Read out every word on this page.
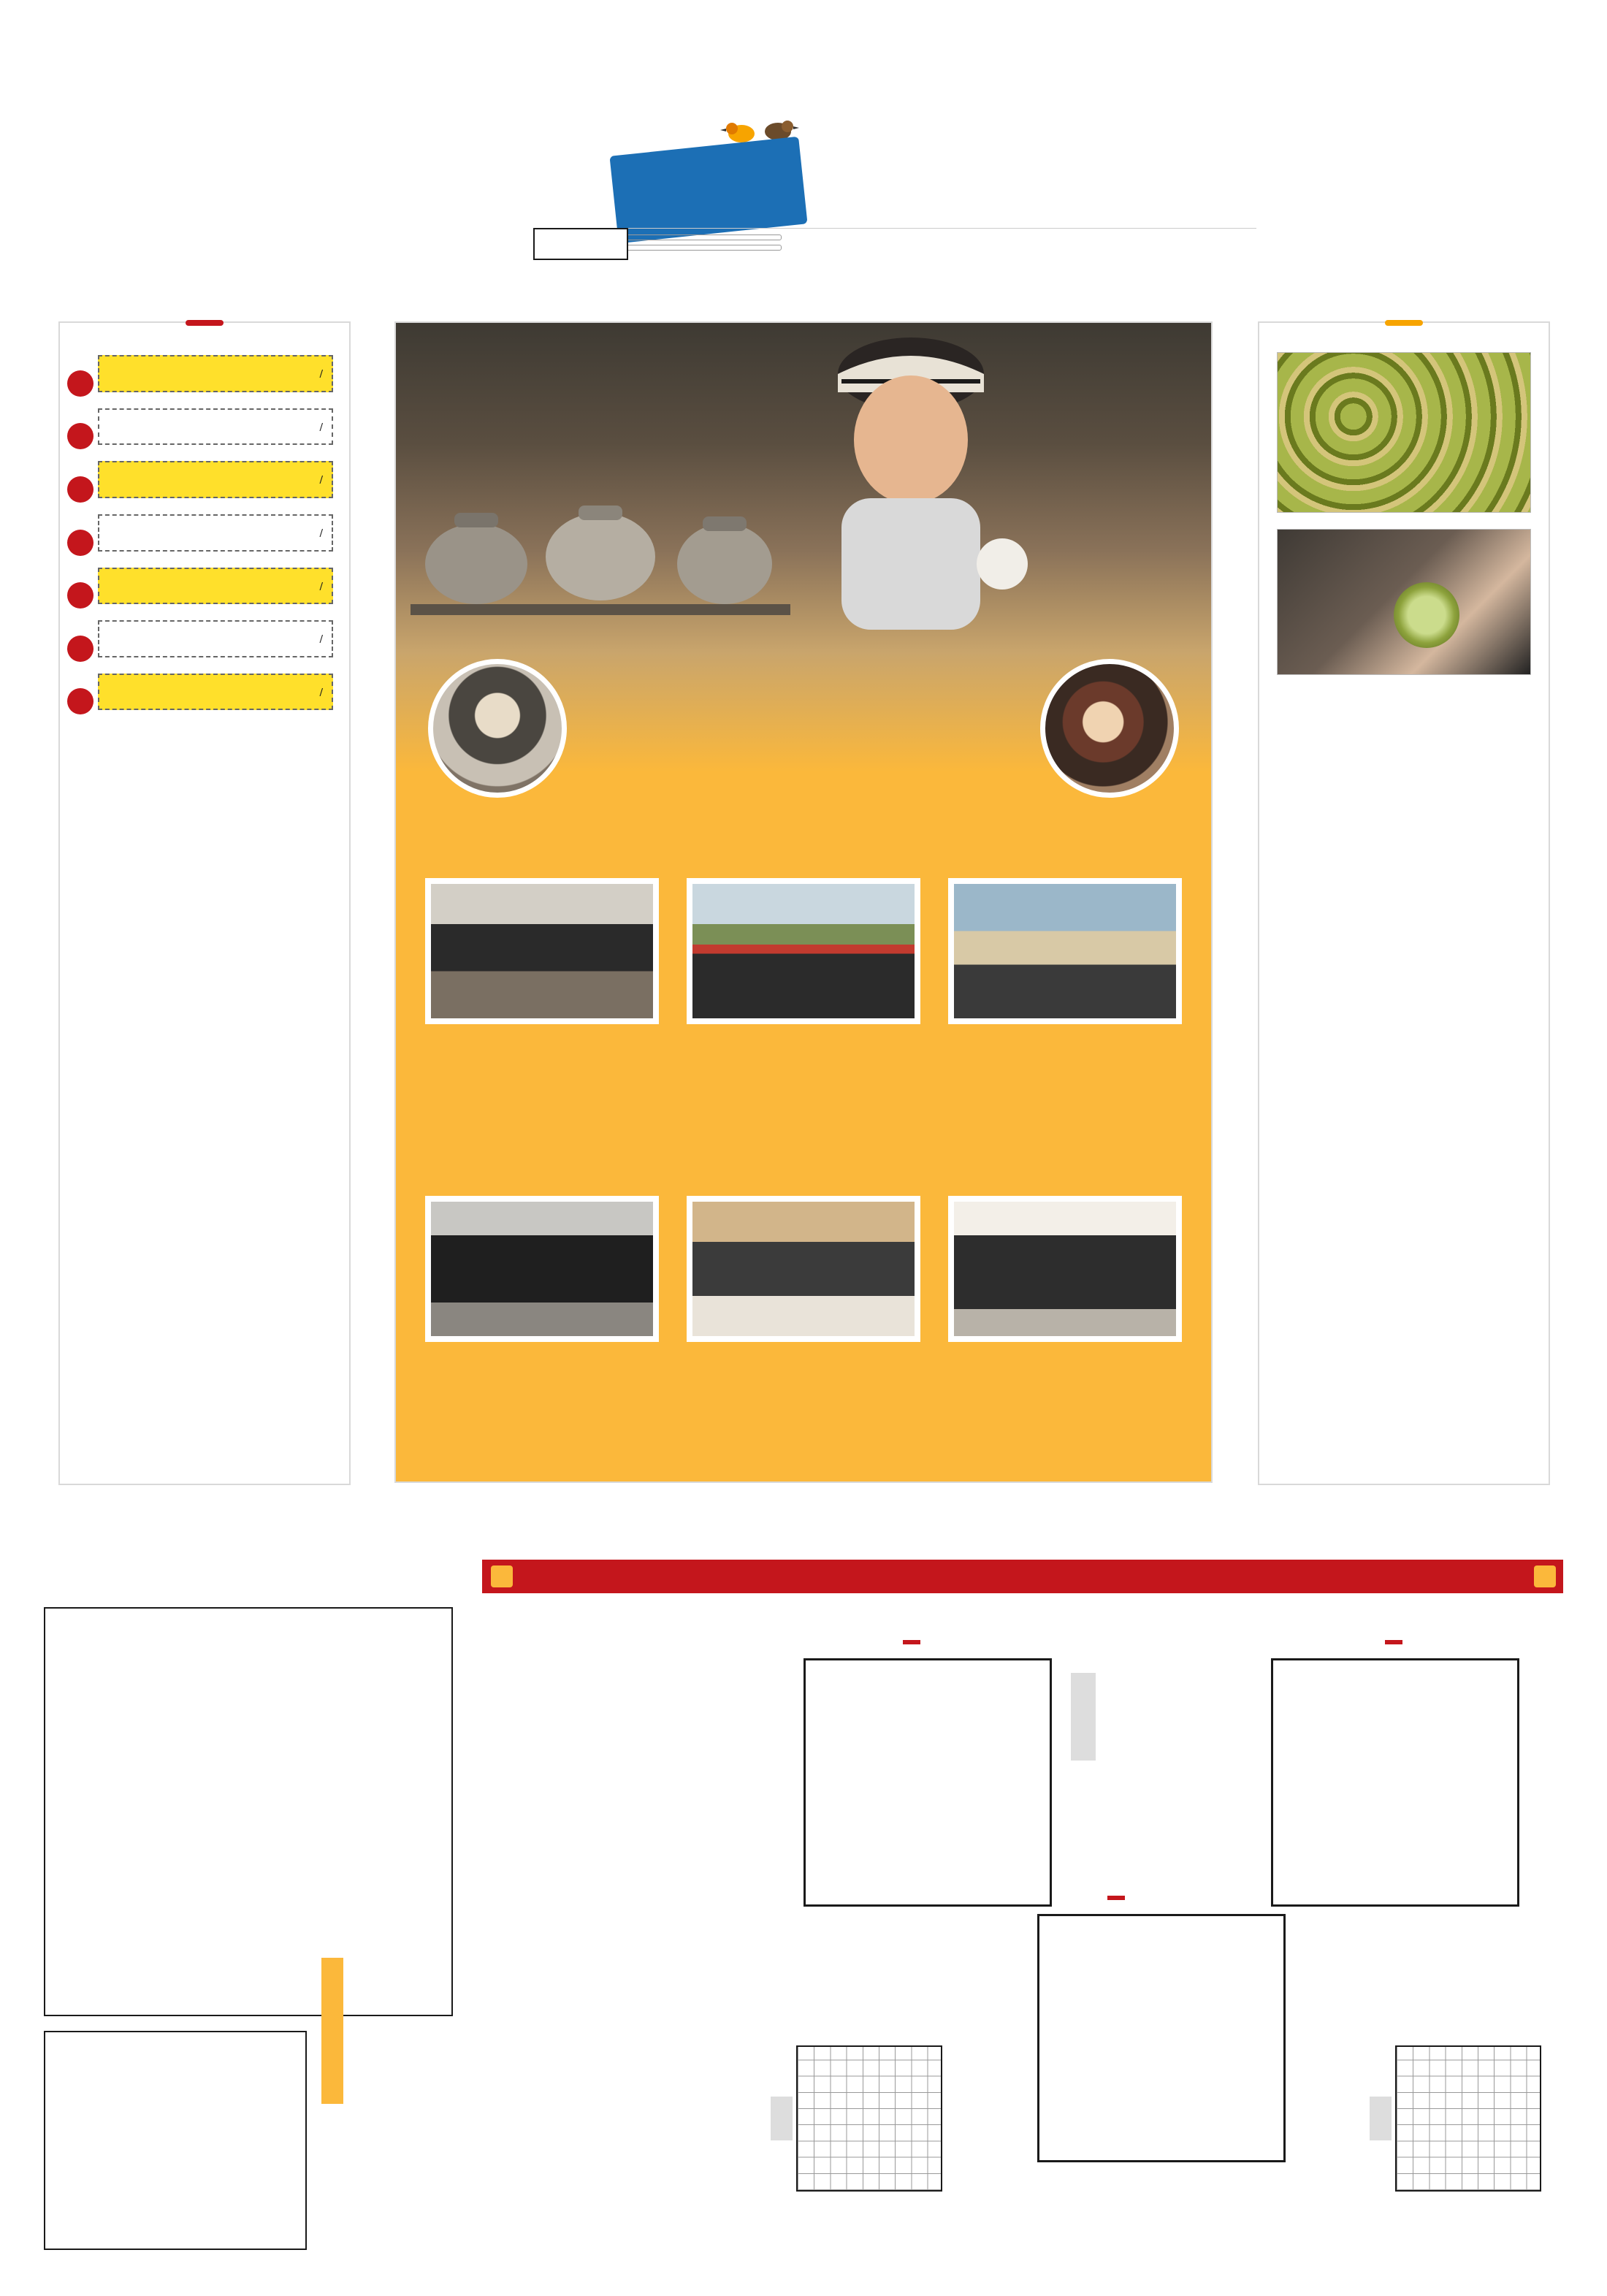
/
/
/
/
/
/
/
